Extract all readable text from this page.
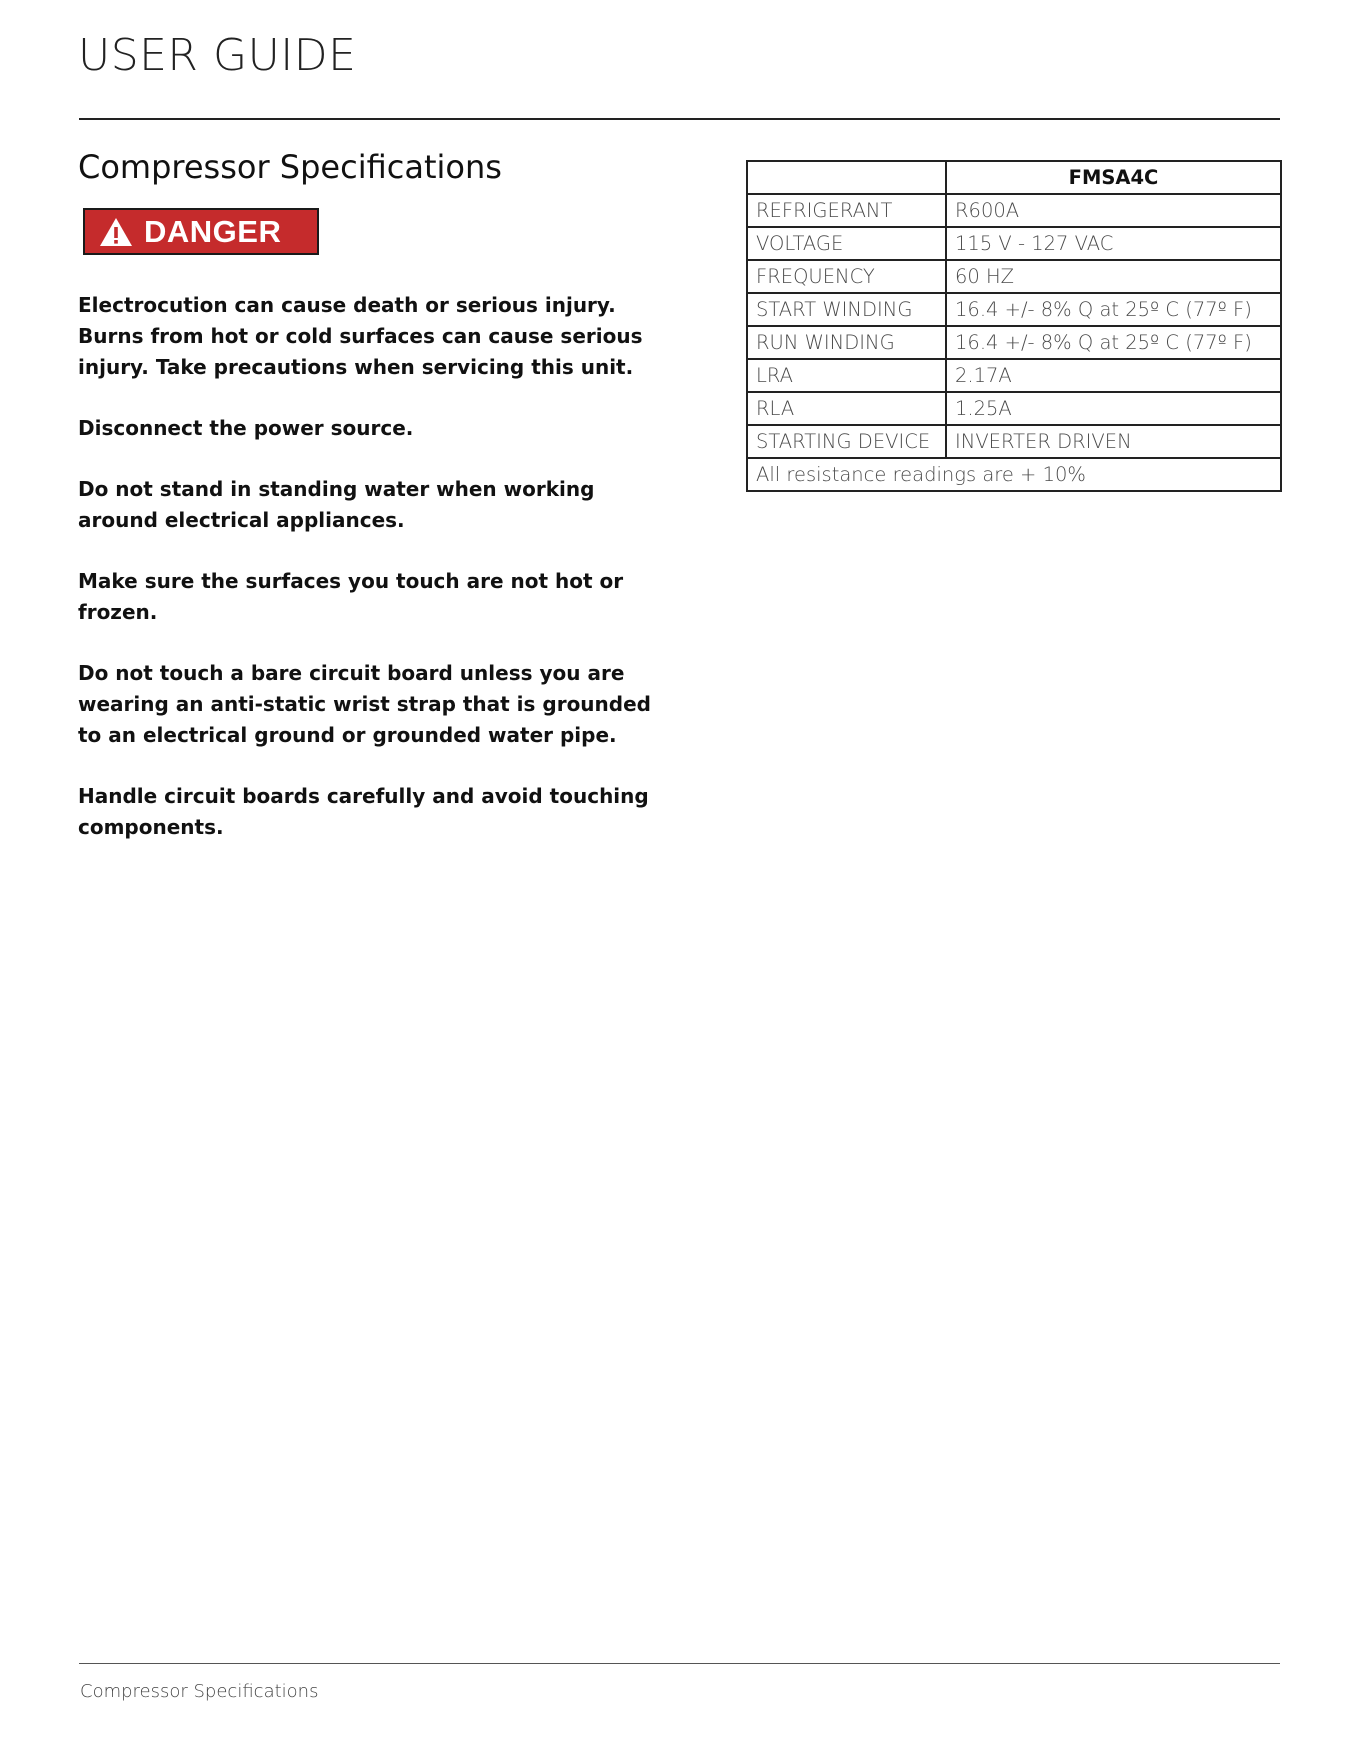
USER GUIDE
Compressor Specifications
DANGER

Electrocution can cause death or serious injury. Burns from hot or cold surfaces can cause serious injury. Take precautions when servicing this unit.

Disconnect the power source.

Do not stand in standing water when working around electrical appliances.

Make sure the surfaces you touch are not hot or frozen.

Do not touch a bare circuit board unless you are wearing an anti-static wrist strap that is grounded to an electrical ground or grounded water pipe.

Handle circuit boards carefully and avoid touching components.

	FMSA4C
REFRIGERANT	R600A
VOLTAGE	115 V - 127 VAC
FREQUENCY	60 HZ
START WINDING	16.4 +/- 8% Q at 25º C (77º F)
RUN WINDING	16.4 +/- 8% Q at 25º C (77º F)
LRA	2.17A
RLA	1.25A
STARTING DEVICE	INVERTER DRIVEN
All resistance readings are + 10%	
Compressor Specifications
